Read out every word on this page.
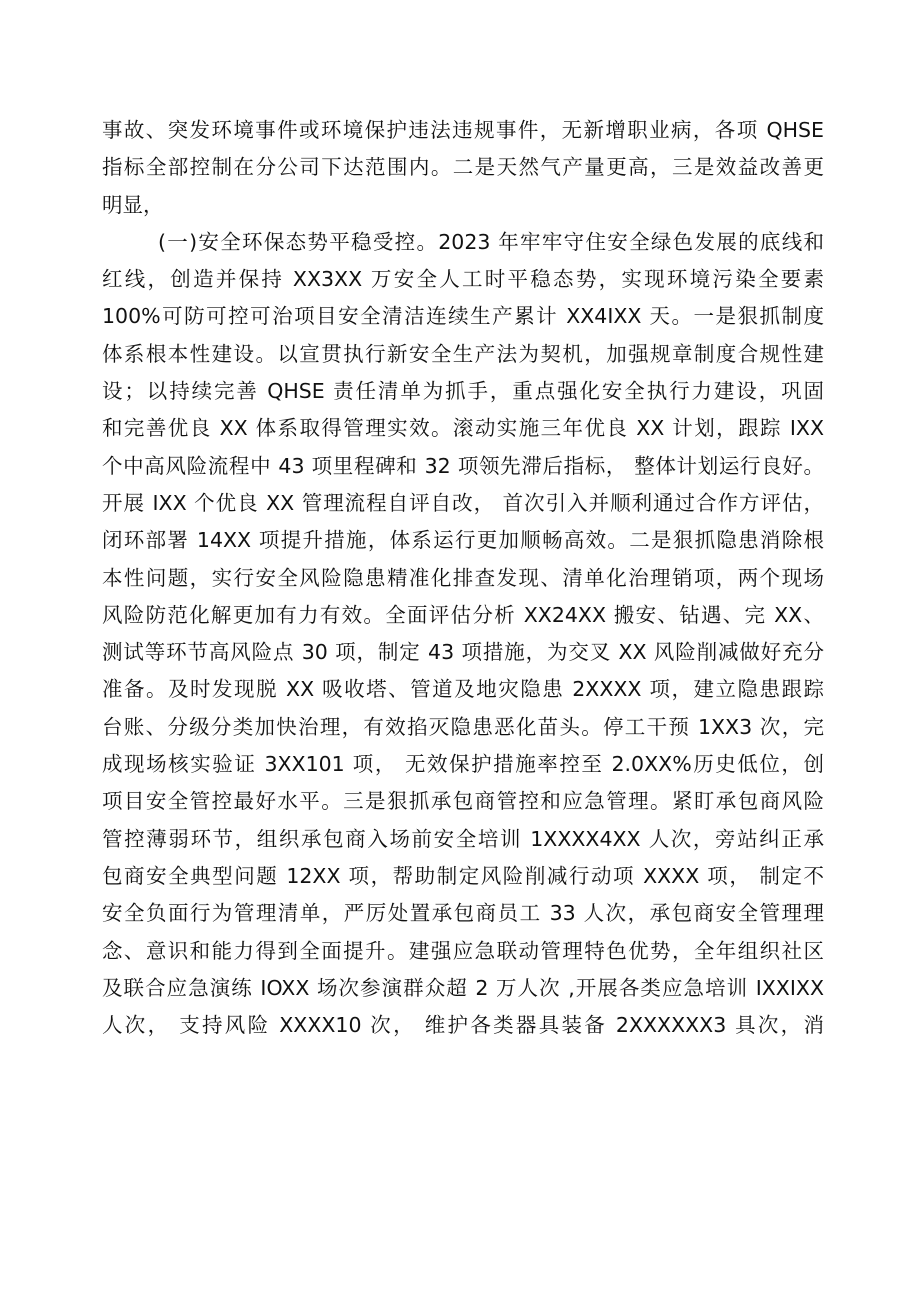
事故、突发环境事件或环境保护违法违规事件，无新增职业病，各项 QHSE
指标全部控制在分公司下达范围内。二是天然气产量更高，三是效益改善更
明显，
(一)安全环保态势平稳受控。2023 年牢牢守住安全绿色发展的底线和
红线，创造并保持 XX3XX 万安全人工时平稳态势，实现环境污染全要素
100%可防可控可治项目安全清洁连续生产累计 XX4IXX 天。一是狠抓制度
体系根本性建设。以宣贯执行新安全生产法为契机，加强规章制度合规性建
设；以持续完善 QHSE 责任清单为抓手，重点强化安全执行力建设，巩固
和完善优良 XX 体系取得管理实效。滚动实施三年优良 XX 计划，跟踪 IXX
个中高风险流程中 43 项里程碑和 32 项领先滞后指标， 整体计划运行良好。
开展 IXX 个优良 XX 管理流程自评自改， 首次引入并顺利通过合作方评估，
闭环部署 14XX 项提升措施，体系运行更加顺畅高效。二是狠抓隐患消除根
本性问题，实行安全风险隐患精准化排查发现、清单化治理销项，两个现场
风险防范化解更加有力有效。全面评估分析 XX24XX 搬安、钻遇、完 XX、
测试等环节高风险点 30 项，制定 43 项措施，为交叉 XX 风险削减做好充分
准备。及时发现脱 XX 吸收塔、管道及地灾隐患 2XXXX 项，建立隐患跟踪
台账、分级分类加快治理，有效掐灭隐患恶化苗头。停工干预 1XX3 次，完
成现场核实验证 3XX101 项， 无效保护措施率控至 2.0XX%历史低位，创
项目安全管控最好水平。三是狠抓承包商管控和应急管理。紧盯承包商风险
管控薄弱环节，组织承包商入场前安全培训 1XXXX4XX 人次，旁站纠正承
包商安全典型问题 12XX 项，帮助制定风险削减行动项 XXXX 项， 制定不
安全负面行为管理清单，严厉处置承包商员工 33 人次，承包商安全管理理
念、意识和能力得到全面提升。建强应急联动管理特色优势，全年组织社区
及联合应急演练 IOXX 场次参演群众超 2 万人次 ,开展各类应急培训 IXXIXX
人次， 支持风险 XXXX10 次， 维护各类器具装备 2XXXXXX3 具次，消
